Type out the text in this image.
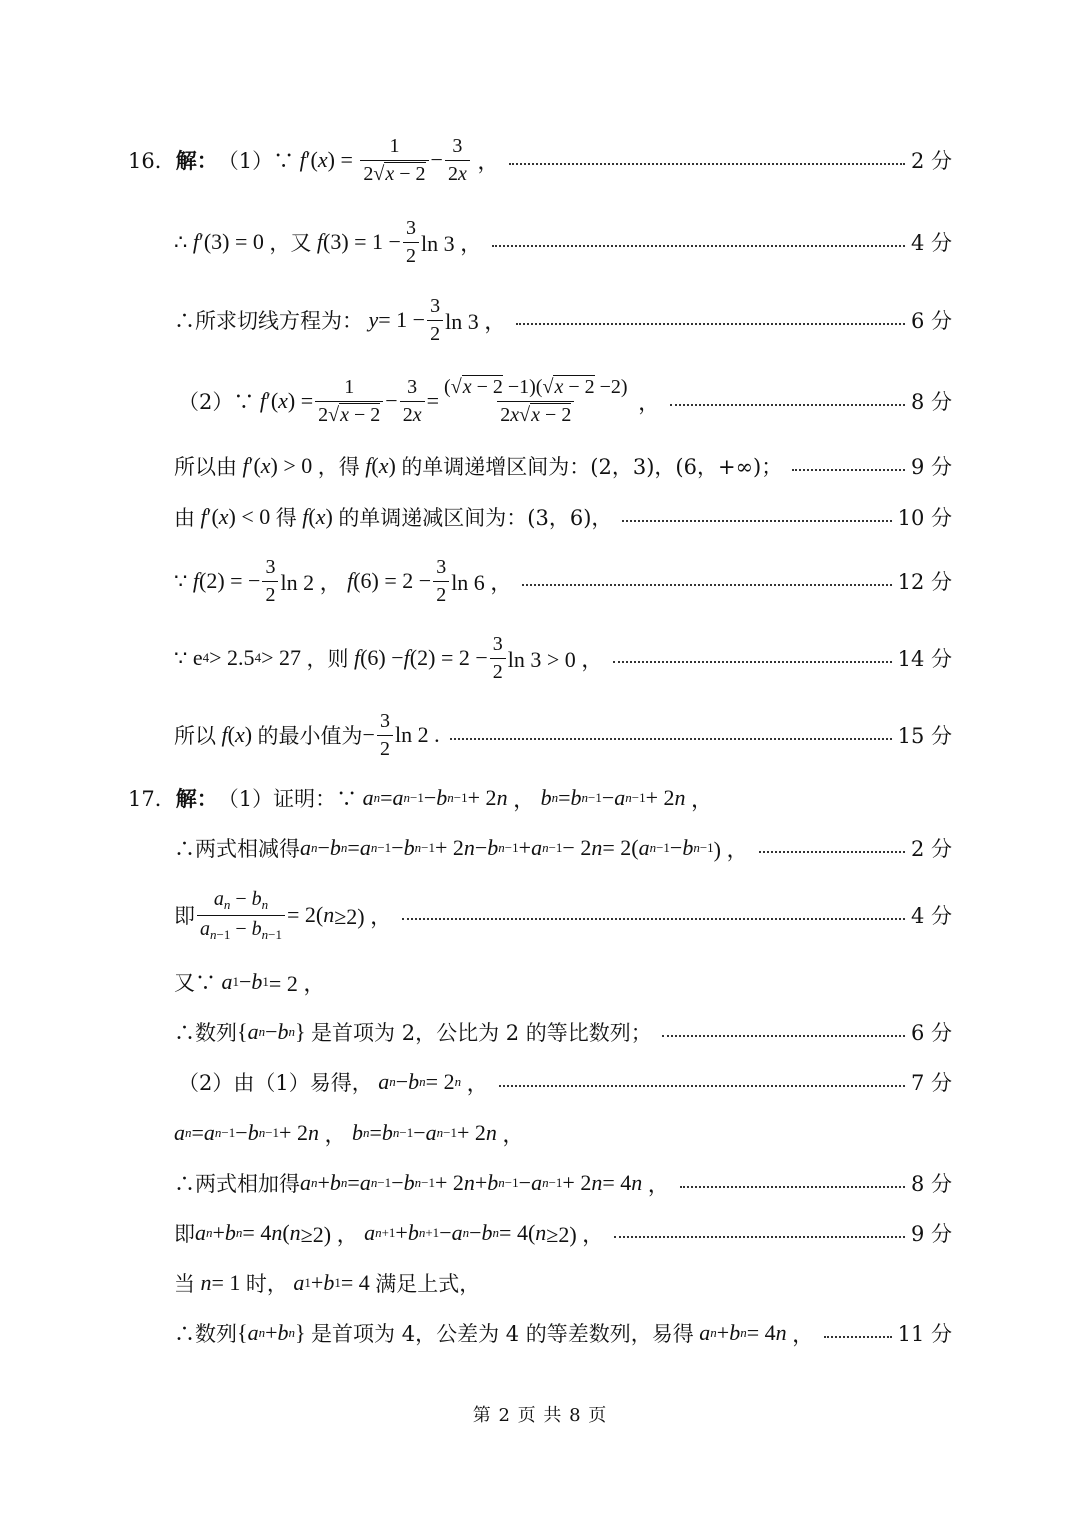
16． 解： （1）∵
f ′( x ) = $\frac{1}{2√x - 2} - \frac{3}{2x}$ ，	2 分
∴
f ′(3) = 0 ，又
f $(3) = 1 - \frac{3}{2}$ ln 3 ，	4 分
∴所求切线方程为：
$y = 1 - \frac{3}{2}$ ln 3 ，	6 分
（2）∵
f ′( x ) = $\frac{1}{2√x - 2} - \frac{3}{2x} = \frac{(√x - 2 -1)(√x - 2 -2)}{2x√x - 2}$ ，	8 分
所以由
f ′( x ) > 0 ，得
f ( x ) 的单调递增区间为：(2，3)，(6，+∞)；	9 分
由
f ′( x ) < 0 得
f ( x ) 的单调递减区间为：(3，6)，	10 分
∵
f (2) = − $\frac{3}{2}$ ln 2 ， f $(6) = 2 - \frac{3}{2}$ ln 6 ，	12 分
∵ e 4 > 2.5 4 > 27 ，则
f (6) − f $(2) = 2 - \frac{3}{2}$ ln 3 > 0 ，	14 分
所以
f ( x ) 的最小值为 − $\frac{3}{2}$ ln 2 .	15 分
17． 解： （1）证明：∵
a n = a n−1 − b n−1 + 2 n ， b n = b n−1 − a n−1 + 2 n ，
∴两式相减得 a n − b n = a n−1 − b n−1 + 2 n − b n−1 + a n−1 − 2 n = 2( a n−1 − b n−1 ) ，	2 分
即 $\frac{a_n - b_n}{a_{n-1} - b_{n-1}} = 2$( n ≥2) ，	4 分
又∵
a 1 − b 1 = 2 ，
∴数列 { a n − b n } 是首项为 2，公比为 2 的等比数列；	6 分
（2）由（1）易得，
a n − b n = 2 n ，	7 分
a n = a n−1 − b n−1 + 2 n ， b n = b n−1 − a n−1 + 2 n ，
∴两式相加得 a n + b n = a n−1 − b n−1 + 2 n + b n−1 − a n−1 + 2 n = 4 n ，	8 分
即 a n + b n = 4 n ( n ≥2) ， a n+1 + b n+1 − a n − b n = 4( n ≥2) ，	9 分
当
n = 1 时，
a 1 + b 1 = 4 满足上式，
∴数列 { a n + b n } 是首项为 4，公差为 4 的等差数列，易得
a n + b n = 4 n ，	11 分
第 2 页 共 8 页
